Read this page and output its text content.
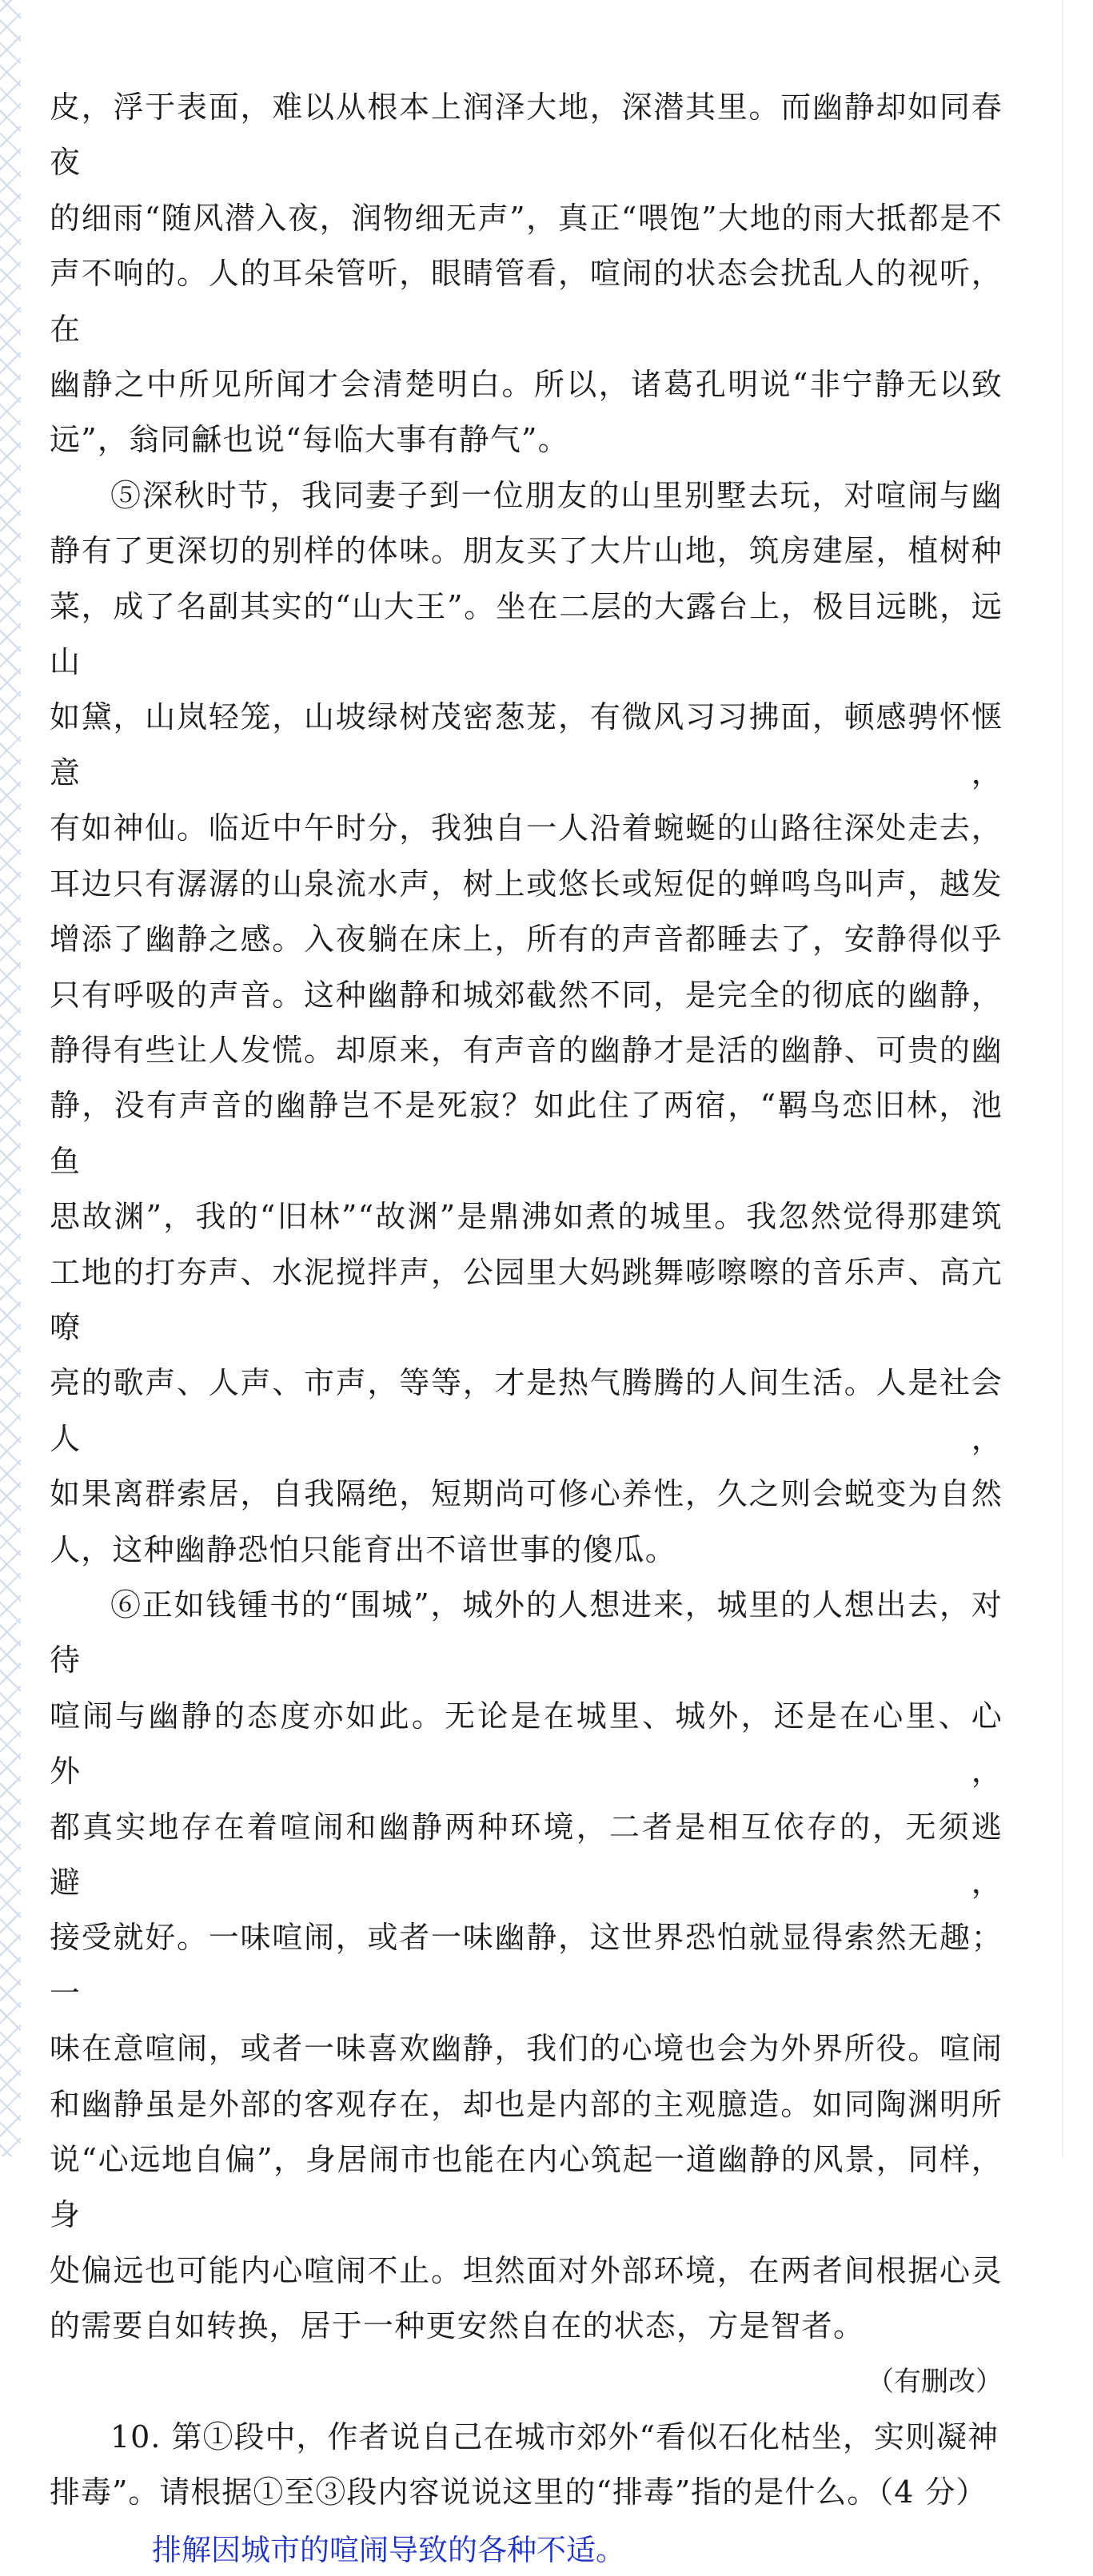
皮，浮于表面，难以从根本上润泽大地，深潜其里。而幽静却如同春夜

的细雨“随风潜入夜，润物细无声”，真正“喂饱”大地的雨大抵都是不

声不响的。人的耳朵管听，眼睛管看，喧闹的状态会扰乱人的视听，在

幽静之中所见所闻才会清楚明白。所以，诸葛孔明说“非宁静无以致

远”，翁同龢也说“每临大事有静气”。

⑤深秋时节，我同妻子到一位朋友的山里别墅去玩，对喧闹与幽

静有了更深切的别样的体味。朋友买了大片山地，筑房建屋，植树种

菜，成了名副其实的“山大王”。坐在二层的大露台上，极目远眺，远山

如黛，山岚轻笼，山坡绿树茂密葱茏，有微风习习拂面，顿感骋怀惬意，

有如神仙。临近中午时分，我独自一人沿着蜿蜒的山路往深处走去，

耳边只有潺潺的山泉流水声，树上或悠长或短促的蝉鸣鸟叫声，越发

增添了幽静之感。入夜躺在床上，所有的声音都睡去了，安静得似乎

只有呼吸的声音。这种幽静和城郊截然不同，是完全的彻底的幽静，

静得有些让人发慌。却原来，有声音的幽静才是活的幽静、可贵的幽

静，没有声音的幽静岂不是死寂？如此住了两宿，“羁鸟恋旧林，池鱼

思故渊”，我的“旧林”“故渊”是鼎沸如煮的城里。我忽然觉得那建筑

工地的打夯声、水泥搅拌声，公园里大妈跳舞嘭嚓嚓的音乐声、高亢嘹

亮的歌声、人声、市声，等等，才是热气腾腾的人间生活。人是社会人，

如果离群索居，自我隔绝，短期尚可修心养性，久之则会蜕变为自然

人，这种幽静恐怕只能育出不谙世事的傻瓜。

⑥正如钱锺书的“围城”，城外的人想进来，城里的人想出去，对待

喧闹与幽静的态度亦如此。无论是在城里、城外，还是在心里、心外，

都真实地存在着喧闹和幽静两种环境，二者是相互依存的，无须逃避，

接受就好。一味喧闹，或者一味幽静，这世界恐怕就显得索然无趣；一

味在意喧闹，或者一味喜欢幽静，我们的心境也会为外界所役。喧闹

和幽静虽是外部的客观存在，却也是内部的主观臆造。如同陶渊明所

说“心远地自偏”，身居闹市也能在内心筑起一道幽静的风景，同样，身

处偏远也可能内心喧闹不止。坦然面对外部环境，在两者间根据心灵

的需要自如转换，居于一种更安然自在的状态，方是智者。

（有删改）

10. 第①段中，作者说自己在城市郊外“看似石化枯坐，实则凝神

排毒”。请根据①至③段内容说说这里的“排毒”指的是什么。（4 分）

排解因城市的喧闹导致的各种不适。
